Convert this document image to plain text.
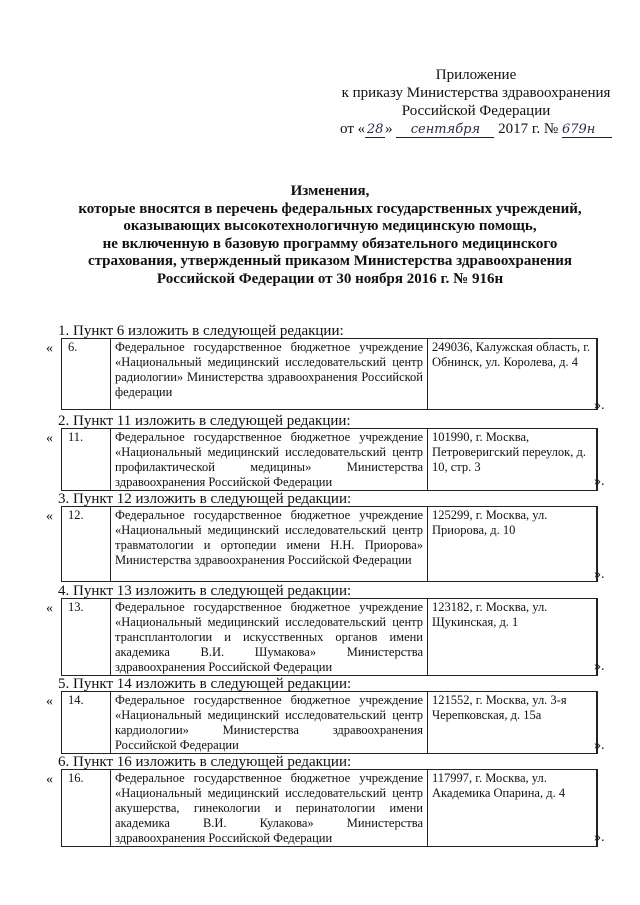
Приложение
к приказу Министерства здравоохранения
Российской Федерации
от « 28 » сентября 2017 г. № 679н
Изменения,
которые вносятся в перечень федеральных государственных учреждений,
оказывающих высокотехнологичную медицинскую помощь,
не включенную в базовую программу обязательного медицинского
страхования, утвержденный приказом Министерства здравоохранения
Российской Федерации от 30 ноября 2016 г. № 916н
1. Пункт 6 изложить в следующей редакции:
« 6.	Федеральное государственное бюджетное учреждение «Национальный медицинский исследовательский центр радиологии» Министерства здравоохранения Российской федерации	249036, Калужская область, г. Обнинск, ул. Королева, д. 4
».
2. Пункт 11 изложить в следующей редакции:
11.	Федеральное государственное бюджетное учреждение «Национальный медицинский исследовательский центр профилактической медицины» Министерства здравоохранения Российской Федерации	101990, г. Москва, Петроверигский переулок, д. 10, стр. 3
«
».
3. Пункт 12 изложить в следующей редакции:
12.	Федеральное государственное бюджетное учреждение «Национальный медицинский исследовательский центр травматологии и ортопедии имени Н.Н. Приорова» Министерства здравоохранения Российской Федерации	125299, г. Москва, ул. Приорова, д. 10
«
».
4. Пункт 13 изложить в следующей редакции:
13.	Федеральное государственное бюджетное учреждение «Национальный медицинский исследовательский центр трансплантологии и искусственных органов имени академика В.И. Шумакова» Министерства здравоохранения Российской Федерации	123182, г. Москва, ул. Щукинская, д. 1
«
».
5. Пункт 14 изложить в следующей редакции:
14.	Федеральное государственное бюджетное учреждение «Национальный медицинский исследовательский центр кардиологии» Министерства здравоохранения Российской Федерации	121552, г. Москва, ул. 3-я Черепковская, д. 15а
«
».
6. Пункт 16 изложить в следующей редакции:
16.	Федеральное государственное бюджетное учреждение «Национальный медицинский исследовательский центр акушерства, гинекологии и перинатологии имени академика В.И. Кулакова» Министерства здравоохранения Российской Федерации	117997, г. Москва, ул. Академика Опарина, д. 4
«
».
